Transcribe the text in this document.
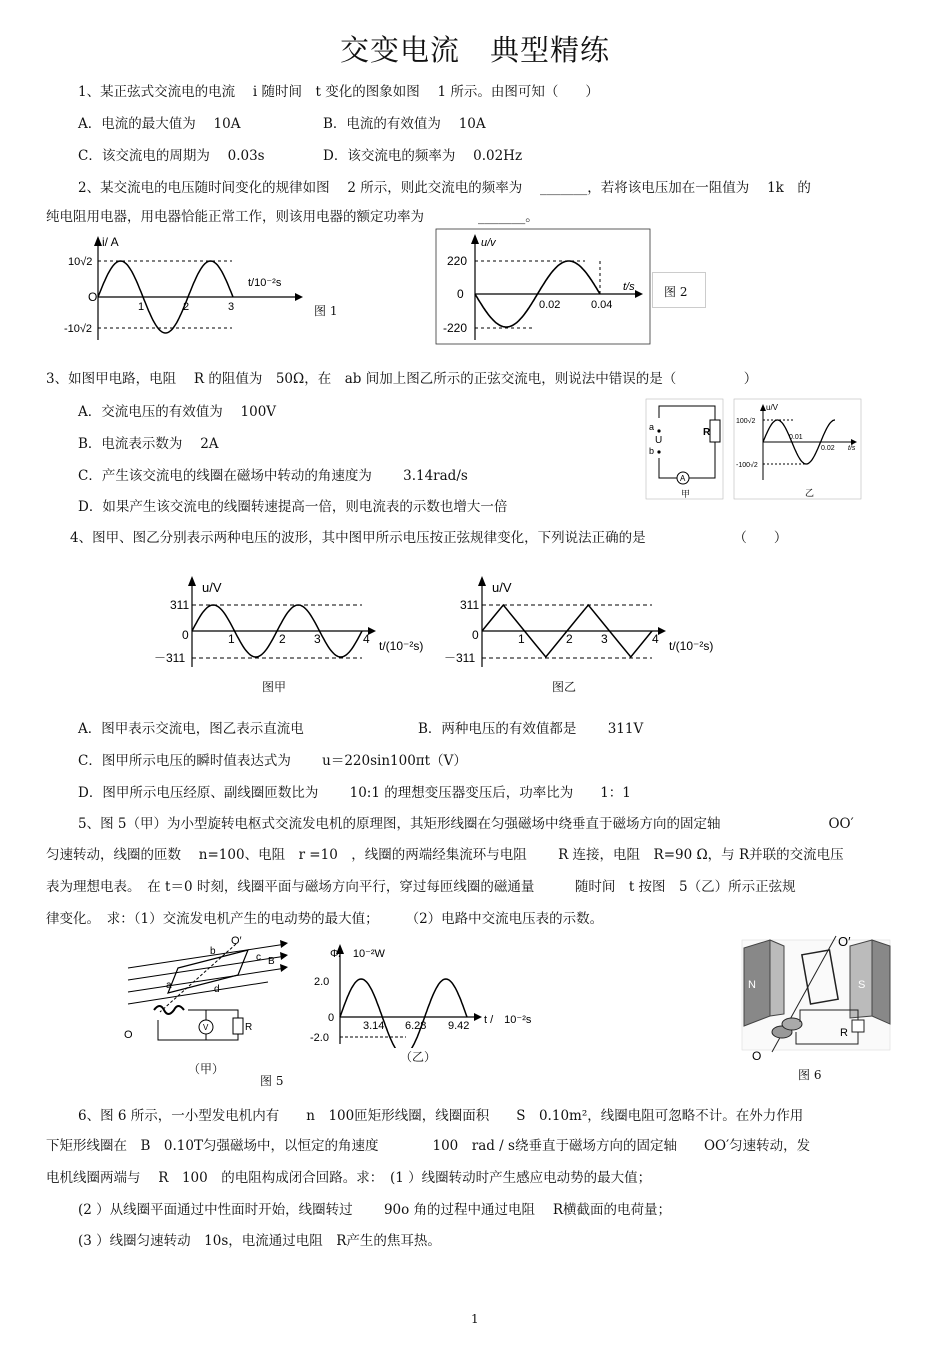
交变电流　典型精练
1、某正弦式交流电的电流　 i 随时间　t 变化的图象如图　 1 所示。由图可知（　　）
A．电流的最大值为　 10A	B．电流的有效值为　 10A
C．该交流电的周期为　 0.03s	D．该交流电的频率为　 0.02Hz
2、某交流电的电压随时间变化的规律如图　 2 所示，则此交流电的频率为　 _______，若将该电压加在一阻值为　 1k　的
纯电阻用电器，用电器恰能正常工作，则该用电器的额定功率为　　　　_______。
i/ A
10√2
O
-10√2
1	2	3
t/10⁻²s
图 1
u/v
220
0
-220
0.02	0.04
t/s 图 2
3、如图甲电路，电阻　 R 的阻值为　50Ω，在　ab 间加上图乙所示的正弦交流电，则说法中错误的是（　　　　　）
A．交流电压的有效值为　 100V
B．电流表示数为　 2A
C．产生该交流电的线圈在磁场中转动的角速度为　　 3.14rad/s
D．如果产生该交流电的线圈转速提高一倍，则电流表的示数也增大一倍
A
R
a
U
b
甲
u/V
100√2
-100√2
0.01
0.02 t/s
乙
4、图甲、图乙分别表示两种电压的波形，其中图甲所示电压按正弦规律变化，下列说法正确的是　　　　　　　（　　）
u/V
311
0
－311
1	2 3	4 t/(10⁻²s)
图甲
u/V
311
0
－311
1	2 3	4 t/(10⁻²s)
图乙
A．图甲表示交流电，图乙表示直流电	B．两种电压的有效值都是　　 311V
C．图甲所示电压的瞬时值表达式为　　 u＝220sin100πt（V）
D．图甲所示电压经原、副线圈匝数比为　　 10:1 的理想变压器变压后，功率比为　　1：1
5、图 5（甲）为小型旋转电枢式交流发电机的原理图，其矩形线圈在匀强磁场中绕垂直于磁场方向的固定轴　　　　　　　　OO′
匀速转动，线圈的匝数　 n=100、电阻　r =10　，线圈的两端经集流环与电阻　　 R 连接，电阻　R=90 Ω，与 R并联的交流电压
表为理想电表。　在 t＝0 时刻，线圈平面与磁场方向平行，穿过每匝线圈的磁通量　　　随时间　t 按图　5（乙）所示正弦规
律变化。　求：（1）交流发电机产生的电动势的最大值；　　　（2）电路中交流电压表的示数。
O′
O
a
b
c
d
B
V	R
（甲）
图 5
Φ/　10⁻²W
2.0
0
-2.0
3.14 6.28 9.42 t /　10⁻²s
（乙）
O′
N	S
R
O
图 6
6、图 6 所示，一小型发电机内有　　n　100匝矩形线圈，线圈面积　　S　0.10m²，线圈电阻可忽略不计。在外力作用
下矩形线圈在　B　0.10T匀强磁场中，以恒定的角速度　　　　100　rad / s绕垂直于磁场方向的固定轴　　OO′匀速转动，发
电机线圈两端与　 R　100　的电阻构成闭合回路。求：　(1 ）线圈转动时产生感应电动势的最大值；
(2 ）从线圈平面通过中性面时开始，线圈转过　　 90o 角的过程中通过电阻　 R横截面的电荷量；
(3 ）线圈匀速转动　10s，电流通过电阻　R产生的焦耳热。
1
